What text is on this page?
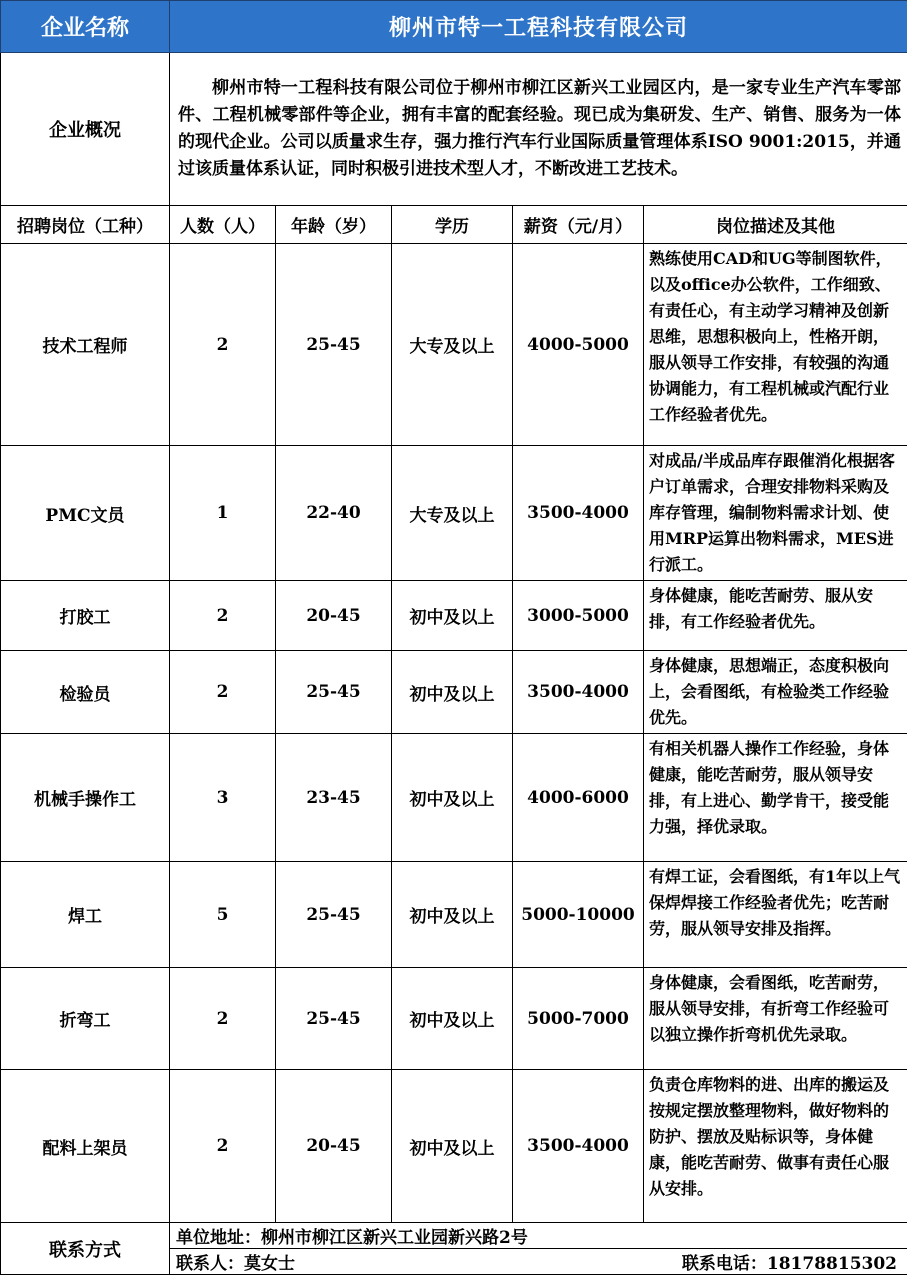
企业名称	柳州市特一工程科技有限公司				
企业概况	柳州市特一工程科技有限公司位于柳州市柳江区新兴工业园区内，是一家专业生产汽车零部件、工程机械零部件等企业，拥有丰富的配套经验。现已成为集研发、生产、销售、服务为一体的现代企业。公司以质量求生存，强力推行汽车行业国际质量管理体系ISO 9001:2015，并通过该质量体系认证，同时积极引进技术型人才，不断改进工艺技术。				
招聘岗位（工种）	人数（人）	年龄（岁）	学历	薪资（元/月）	岗位描述及其他
技术工程师	2	25-45	大专及以上	4000-5000	熟练使用CAD和UG等制图软件，以及office办公软件，工作细致、有责任心，有主动学习精神及创新思维，思想积极向上，性格开朗，服从领导工作安排，有较强的沟通协调能力，有工程机械或汽配行业工作经验者优先。
PMC文员	1	22-40	大专及以上	3500-4000	对成品/半成品库存跟催消化根据客户订单需求，合理安排物料采购及库存管理，编制物料需求计划、使用MRP运算出物料需求，MES进行派工。
打胶工	2	20-45	初中及以上	3000-5000	身体健康，能吃苦耐劳、服从安排，有工作经验者优先。
检验员	2	25-45	初中及以上	3500-4000	身体健康，思想端正，态度积极向上，会看图纸，有检验类工作经验优先。
机械手操作工	3	23-45	初中及以上	4000-6000	有相关机器人操作工作经验，身体健康，能吃苦耐劳，服从领导安排，有上进心、勤学肯干，接受能力强，择优录取。
焊工	5	25-45	初中及以上	5000-10000	有焊工证，会看图纸，有1年以上气保焊焊接工作经验者优先；吃苦耐劳，服从领导安排及指挥。
折弯工	2	25-45	初中及以上	5000-7000	身体健康，会看图纸，吃苦耐劳，服从领导安排，有折弯工作经验可以独立操作折弯机优先录取。
配料上架员	2	20-45	初中及以上	3500-4000	负责仓库物料的进、出库的搬运及按规定摆放整理物料，做好物料的防护、摆放及贴标识等，身体健康，能吃苦耐劳、做事有责任心服从安排。
联系方式	单位地址：柳州市柳江区新兴工业园新兴路2号				
	联系人：莫女士 联系电话：18178815302				
